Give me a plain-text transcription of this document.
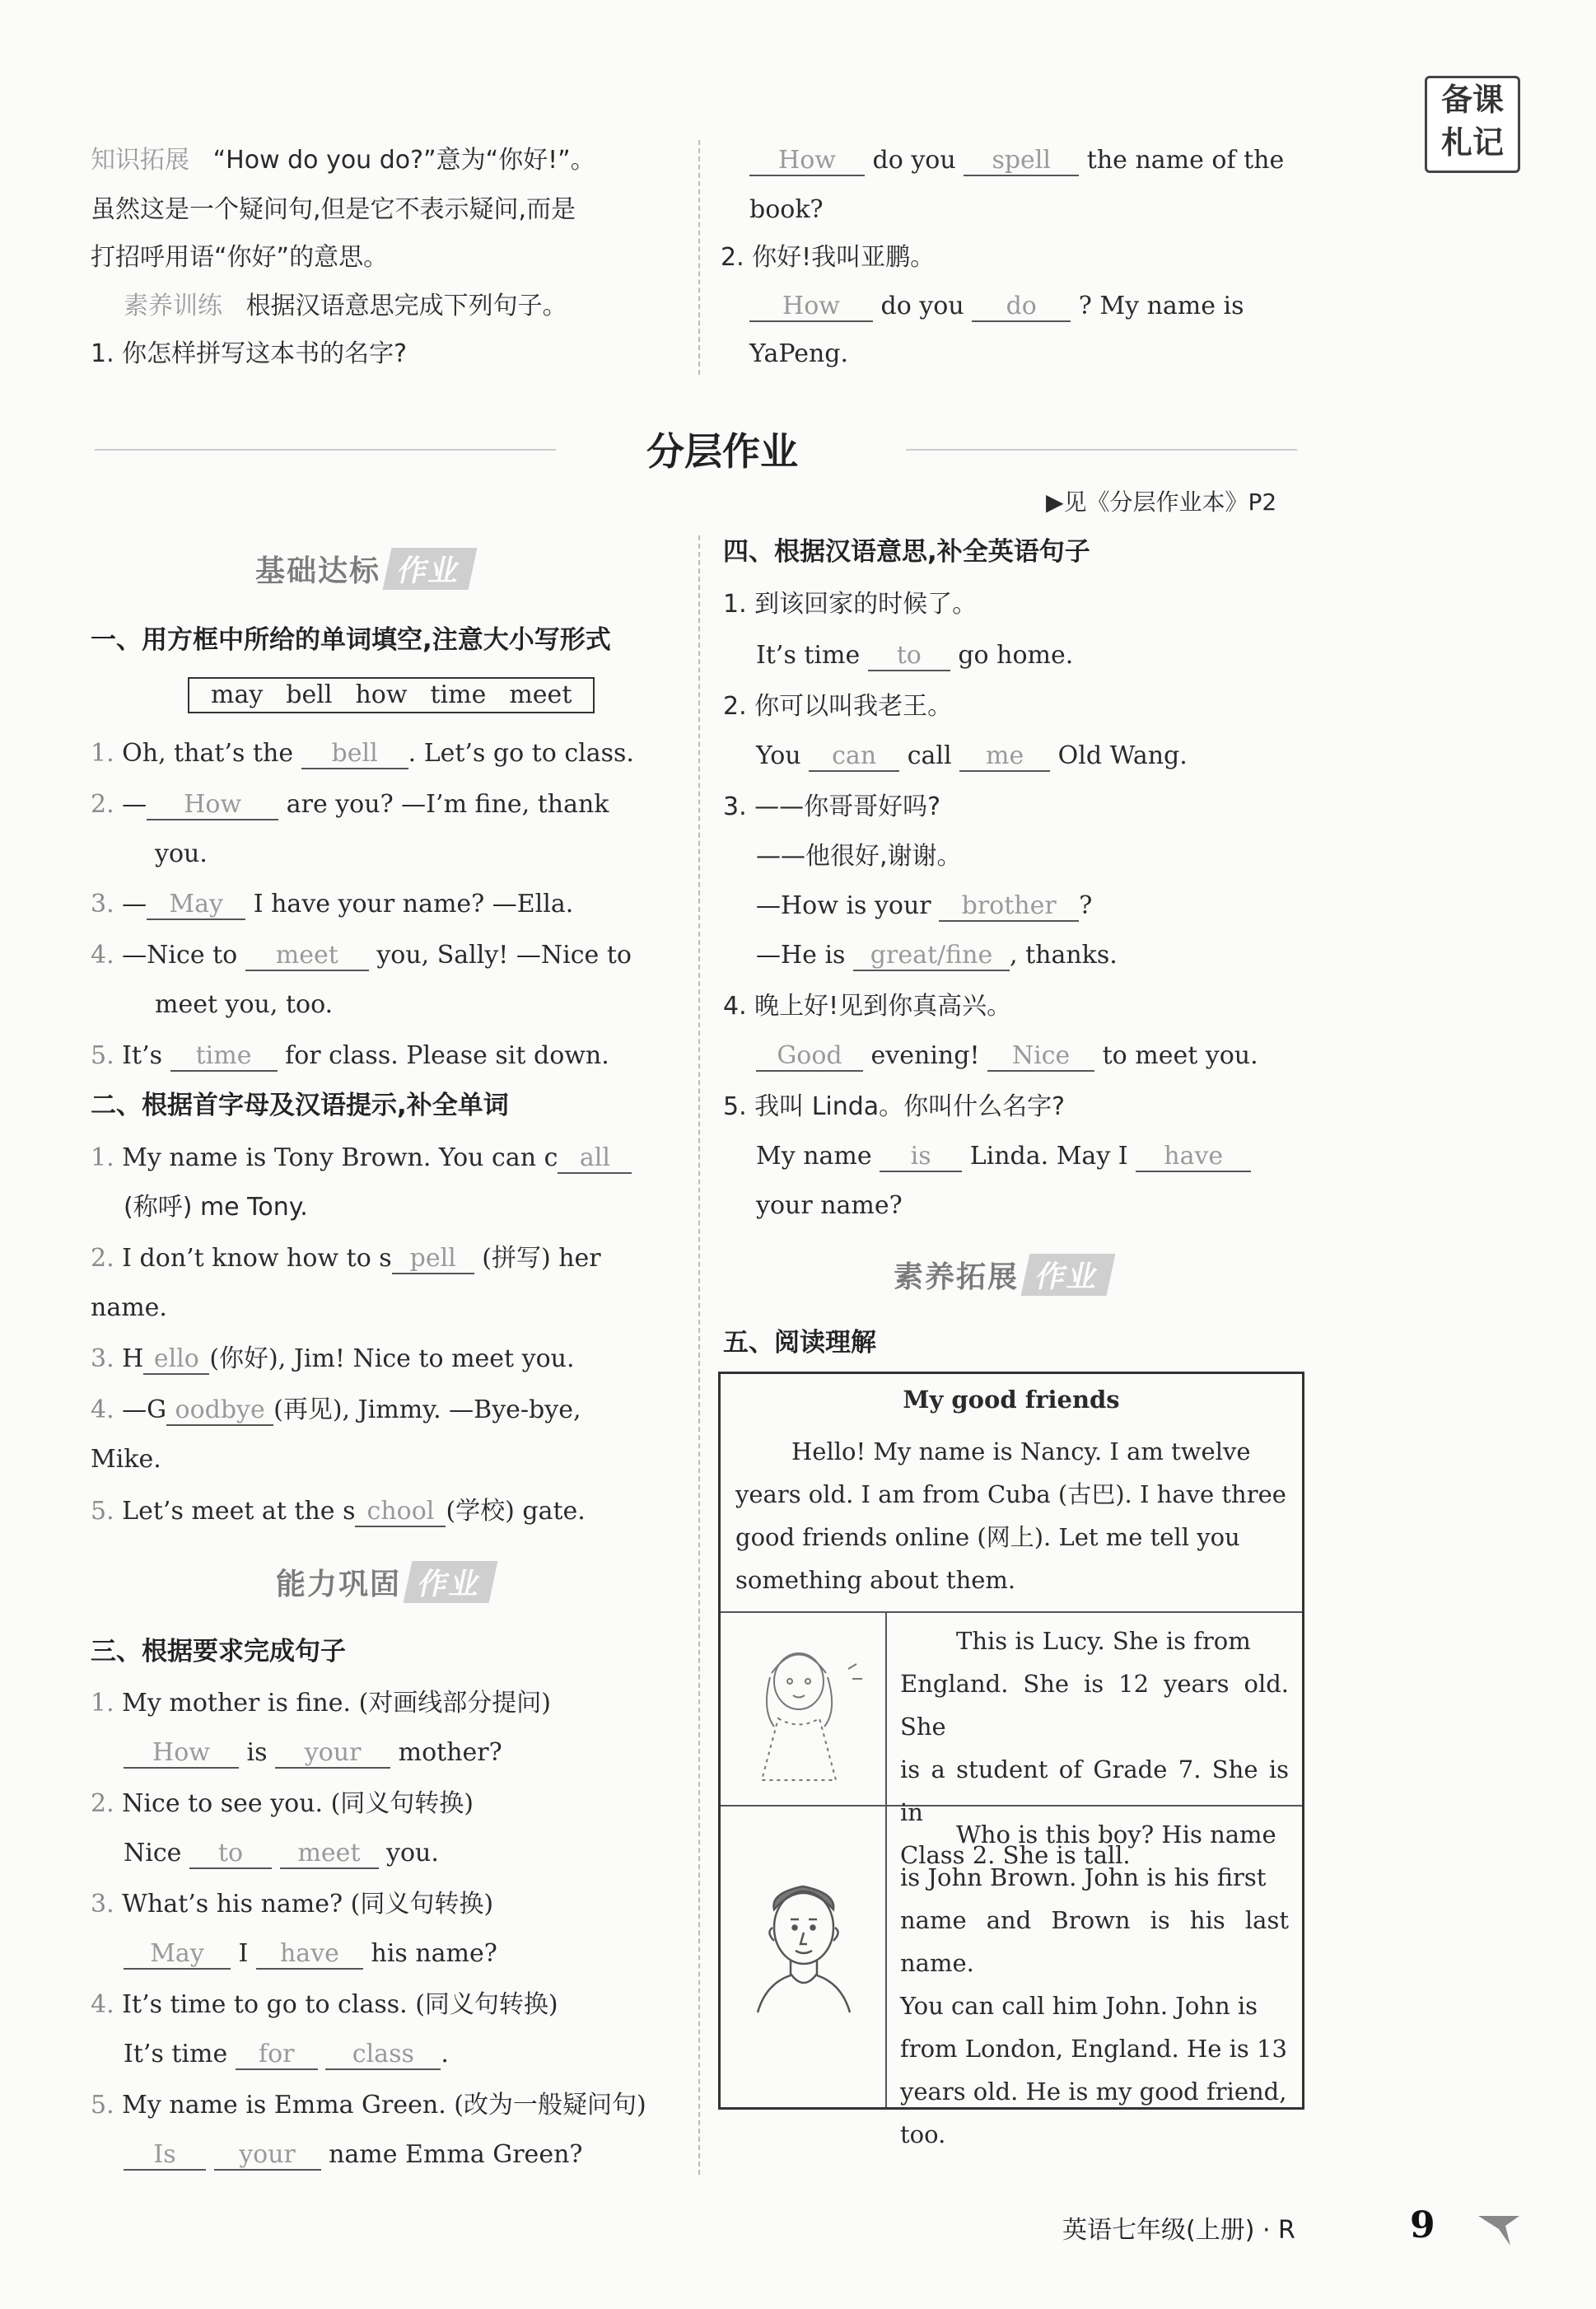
备课
札记
知识拓展 “How do you do?”意为“你好!”。
虽然这是一个疑问句,但是它不表示疑问,而是
打招呼用语“你好”的意思。
素养训练 根据汉语意思完成下列句子。
1. 你怎样拼写这本书的名字?
How do you spell the name of the
book?
2. 你好!我叫亚鹏。
How do you do ? My name is
YaPeng.
分层作业
▶见《分层作业本》P2
基础达标 作业
一、用方框中所给的单词填空,注意大小写形式
may bell how time meet
1. Oh, that’s the bell . Let’s go to class.
2. — How are you? —I’m fine, thank
you.
3. — May I have your name? —Ella.
4. —Nice to meet you, Sally! —Nice to
meet you, too.
5. It’s time for class. Please sit down.
二、根据首字母及汉语提示,补全单词
1. My name is Tony Brown. You can c all
(称呼) me Tony.
2. I don’t know how to s pell (拼写) her
name.
3. H ello (你好), Jim! Nice to meet you.
4. —G oodbye (再见), Jimmy. —Bye-bye,
Mike.
5. Let’s meet at the s chool (学校) gate.
能力巩固 作业
三、根据要求完成句子
1. My mother is fine. (对画线部分提问)
How is your mother?
2. Nice to see you. (同义句转换)
Nice to meet you.
3. What’s his name? (同义句转换)
May I have his name?
4. It’s time to go to class. (同义句转换)
It’s time for class .
5. My name is Emma Green. (改为一般疑问句)
Is	your name Emma Green?
四、根据汉语意思,补全英语句子
1. 到该回家的时候了。
It’s time to go home.
2. 你可以叫我老王。
You can call me Old Wang.
3. ——你哥哥好吗?
——他很好,谢谢。
—How is your brother ?
—He is great/fine , thanks.
4. 晚上好!见到你真高兴。
Good evening! Nice to meet you.
5. 我叫 Linda。你叫什么名字?
My name is Linda. May I have
your name?
素养拓展 作业
五、阅读理解
My good friends
Hello! My name is Nancy. I am twelve
years old. I am from Cuba (古巴). I have three
good friends online (网上). Let me tell you
something about them.
This is Lucy. She is from
England. She is 12 years old. She
is a student of Grade 7. She is in
Class 2. She is tall.
Who is this boy? His name
is John Brown. John is his first
name and Brown is his last name.
You can call him John. John is
from London, England. He is 13
years old. He is my good friend,
too.
英语七年级(上册) · R	9
